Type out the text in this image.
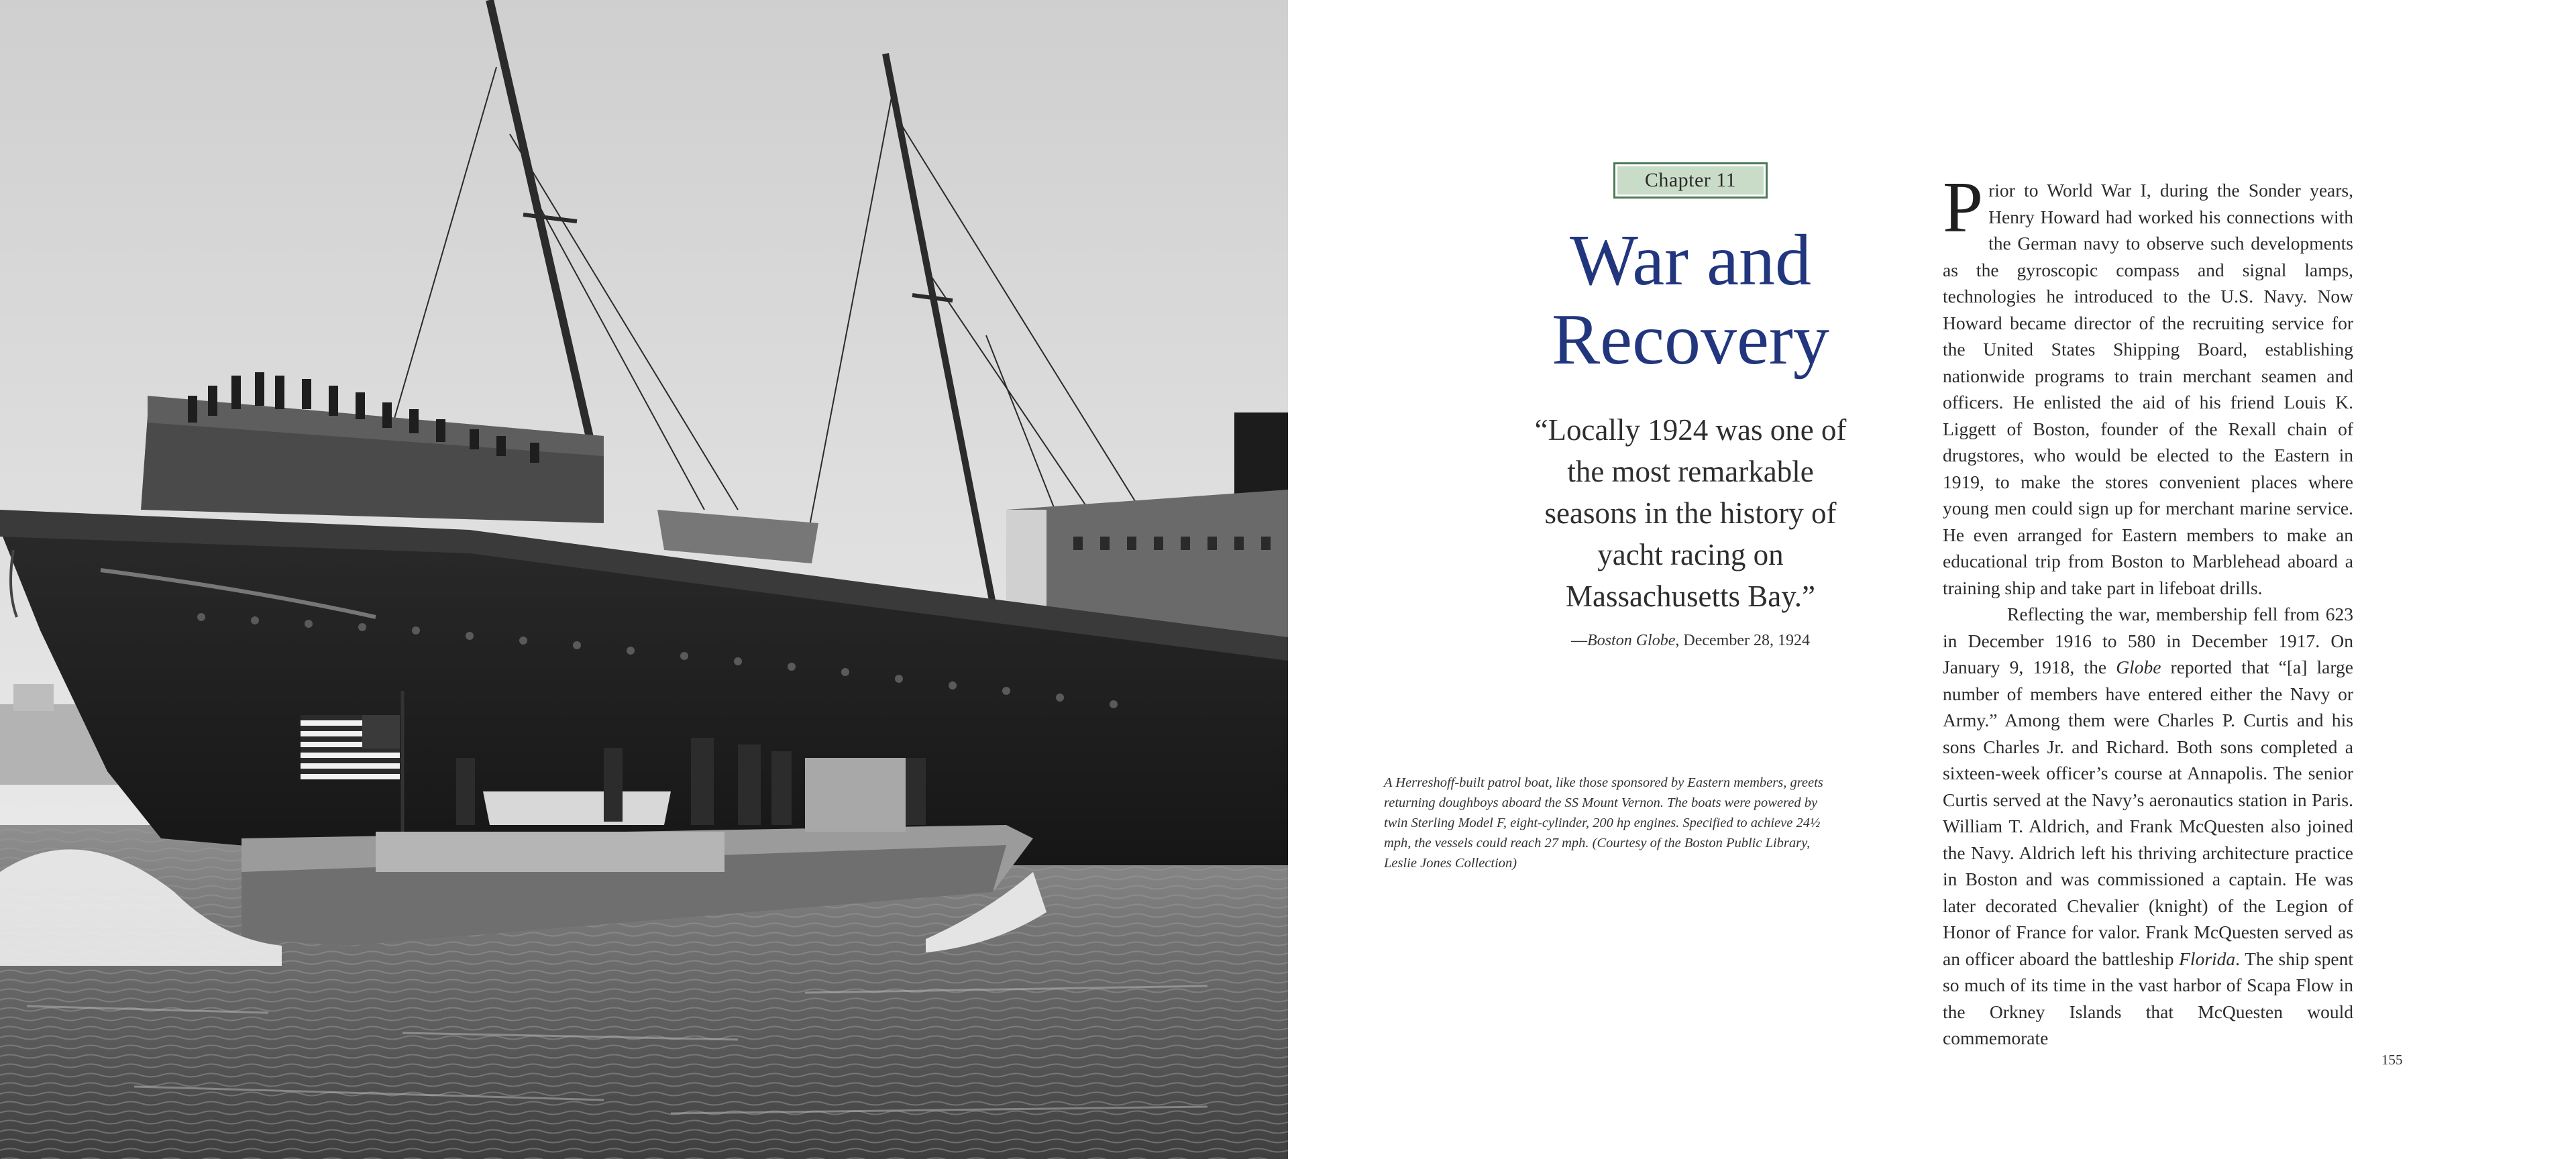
Chapter 11
War and
Recovery
“Locally 1924 was one of the most remarkable seasons in the history of yacht racing on Massachusetts Bay.”
—Boston Globe, December 28, 1924
A Herreshoff-built patrol boat, like those sponsored by Eastern members, greets returning doughboys aboard the SS Mount Vernon. The boats were powered by twin Sterling Model F, eight-cylinder, 200 hp engines. Specified to achieve 24½ mph, the vessels could reach 27 mph. (Courtesy of the Boston Public Library, Leslie Jones Collection)

Prior to World War I, during the Sonder years, Henry Howard had worked his connections with the German navy to observe such developments as the gyroscopic compass and signal lamps, technologies he introduced to the U.S. Navy. Now Howard became director of the recruiting service for the United States Shipping Board, establishing nationwide programs to train merchant seamen and officers. He enlisted the aid of his friend Louis K. Liggett of Boston, founder of the Rexall chain of drugstores, who would be elected to the Eastern in 1919, to make the stores convenient places where young men could sign up for merchant marine service. He even arranged for Eastern members to make an educational trip from Boston to Marblehead aboard a training ship and take part in lifeboat drills.

Reflecting the war, membership fell from 623 in December 1916 to 580 in December 1917. On January 9, 1918, the Globe reported that “[a] large number of members have entered either the Navy or Army.” Among them were Charles P. Curtis and his sons Charles Jr. and Richard. Both sons completed a sixteen-week officer’s course at Annapolis. The senior Curtis served at the Navy’s aeronautics station in Paris. William T. Aldrich, and Frank McQuesten also joined the Navy. Aldrich left his thriving architecture practice in Boston and was commissioned a captain. He was later decorated Chevalier (knight) of the Legion of Honor of France for valor. Frank McQuesten served as an officer aboard the battleship Florida. The ship spent so much of its time in the vast harbor of Scapa Flow in the Orkney Islands that McQuesten would commemorate

155
